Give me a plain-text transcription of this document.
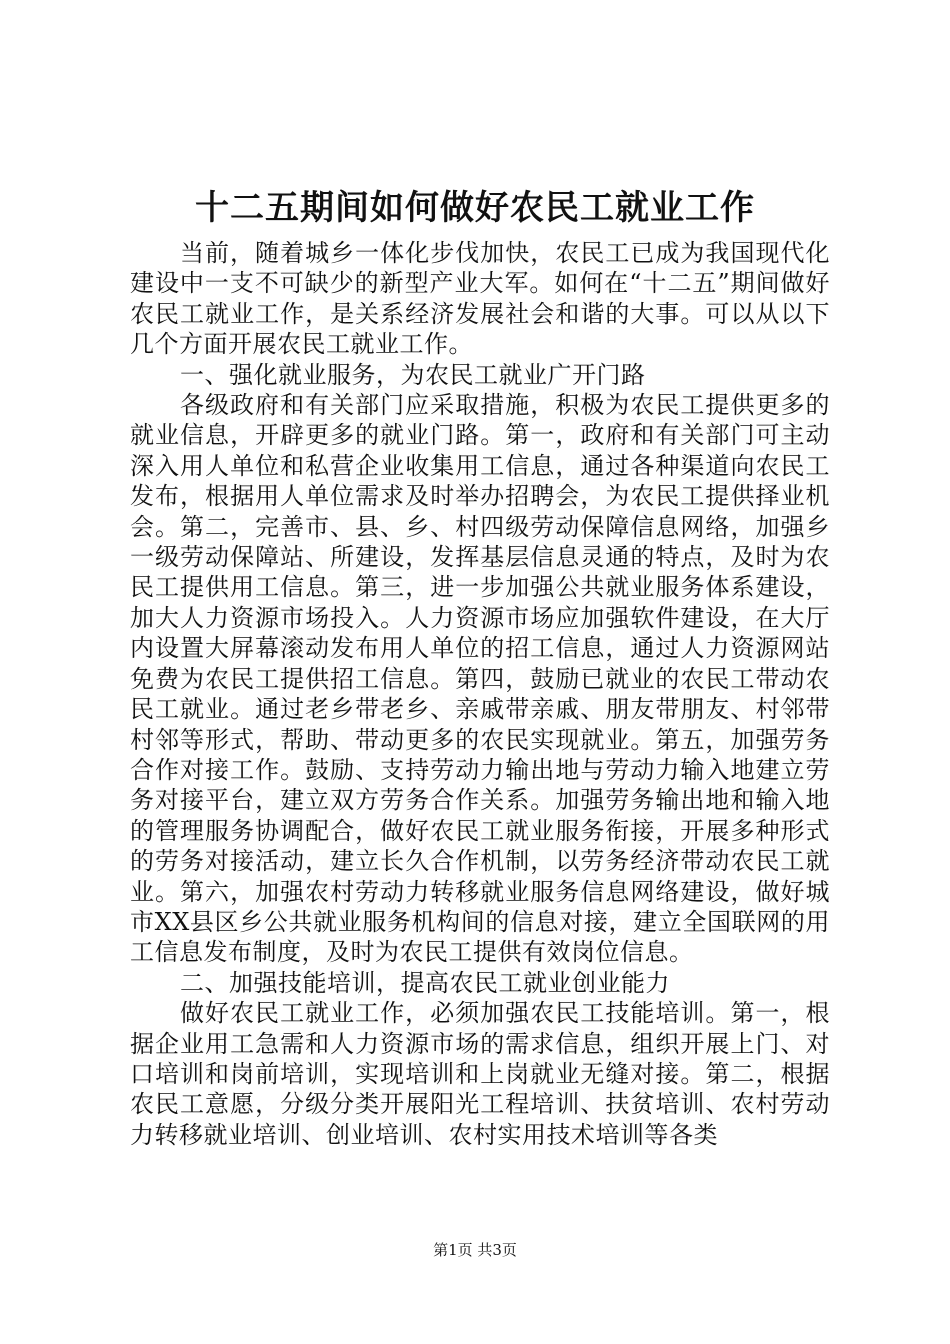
十二五期间如何做好农民工就业工作

当前，随着城乡一体化步伐加快，农民工已成为我国现代化建设中一支不可缺少的新型产业大军。如何在“十二五”期间做好农民工就业工作，是关系经济发展社会和谐的大事。可以从以下几个方面开展农民工就业工作。

一、强化就业服务，为农民工就业广开门路

各级政府和有关部门应采取措施，积极为农民工提供更多的就业信息，开辟更多的就业门路。第一，政府和有关部门可主动深入用人单位和私营企业收集用工信息，通过各种渠道向农民工发布，根据用人单位需求及时举办招聘会，为农民工提供择业机会。第二，完善市、县、乡、村四级劳动保障信息网络，加强乡一级劳动保障站、所建设，发挥基层信息灵通的特点，及时为农民工提供用工信息。第三，进一步加强公共就业服务体系建设，加大人力资源市场投入。人力资源市场应加强软件建设，在大厅内设置大屏幕滚动发布用人单位的招工信息，通过人力资源网站免费为农民工提供招工信息。第四，鼓励已就业的农民工带动农民工就业。通过老乡带老乡、亲戚带亲戚、朋友带朋友、村邻带村邻等形式，帮助、带动更多的农民实现就业。第五，加强劳务合作对接工作。鼓励、支持劳动力输出地与劳动力输入地建立劳务对接平台，建立双方劳务合作关系。加强劳务输出地和输入地的管理服务协调配合，做好农民工就业服务衔接，开展多种形式的劳务对接活动，建立长久合作机制，以劳务经济带动农民工就业。第六，加强农村劳动力转移就业服务信息网络建设，做好城市XX县区乡公共就业服务机构间的信息对接，建立全国联网的用工信息发布制度，及时为农民工提供有效岗位信息。

二、加强技能培训，提高农民工就业创业能力

做好农民工就业工作，必须加强农民工技能培训。第一，根据企业用工急需和人力资源市场的需求信息，组织开展上门、对口培训和岗前培训，实现培训和上岗就业无缝对接。第二，根据农民工意愿，分级分类开展阳光工程培训、扶贫培训、农村劳动力转移就业培训、创业培训、农村实用技术培训等各类

第1页 共3页
